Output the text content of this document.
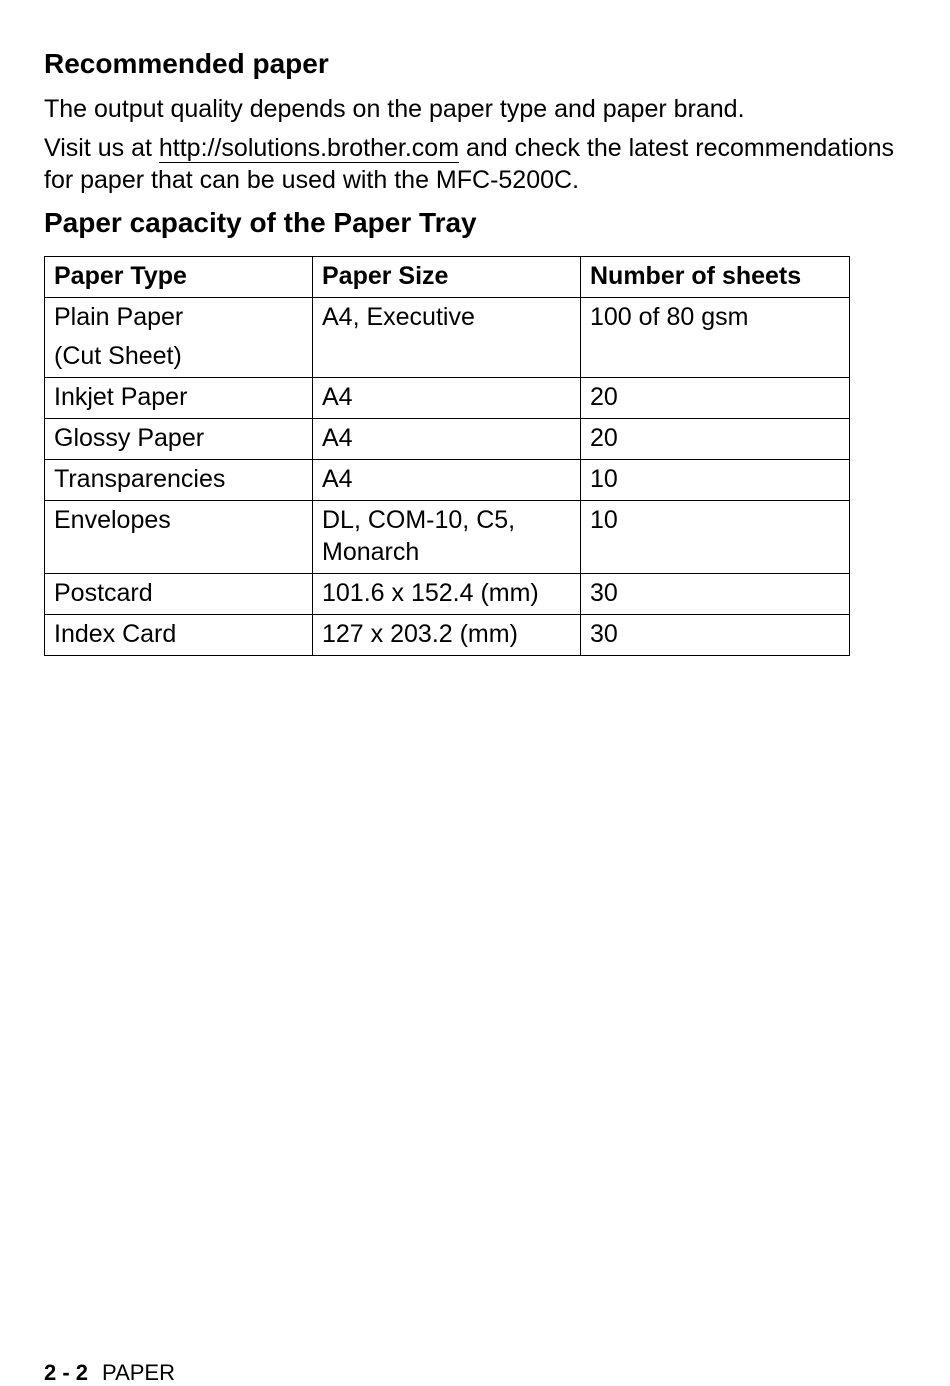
Recommended paper

The output quality depends on the paper type and paper brand.

Visit us at http://solutions.brother.com and check the latest recommendations for paper that can be used with the MFC-5200C.

Paper capacity of the Paper Tray
Paper Type	Paper Size	Number of sheets

Plain Paper
(Cut Sheet)	A4, Executive	100 of 80 gsm
Inkjet Paper	A4	20
Glossy Paper	A4	20
Transparencies	A4	10
Envelopes	DL, COM-10, C5, Monarch	10
Postcard	101.6 x 152.4 (mm)	30
Index Card	127 x 203.2 (mm)	30
2 - 2 PAPER
